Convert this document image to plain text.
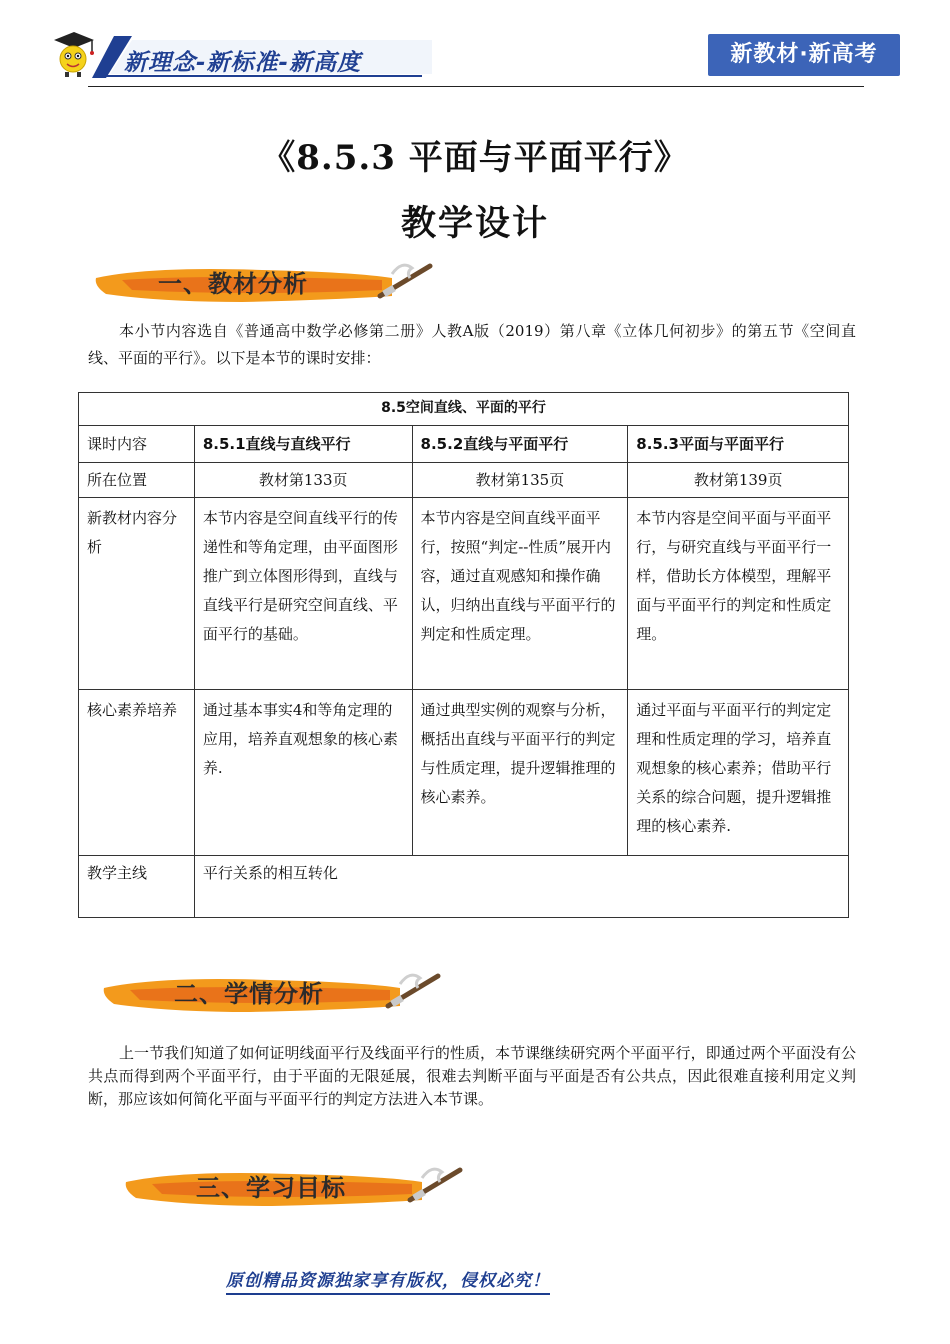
新理念-新标准-新高度	新教材·新高考
《8.5.3 平面与平面平行》
教学设计
一、教材分析
本小节内容选自《普通高中数学必修第二册》人教A版（2019）第八章《立体几何初步》的第五节《空间直线、平面的平行》。以下是本节的课时安排：
8.5空间直线、平面的平行			
课时内容	8.5.1直线与直线平行	8.5.2直线与平面平行	8.5.3平面与平面平行
所在位置	教材第133页	教材第135页	教材第139页
新教材内容分析	本节内容是空间直线平行的传递性和等角定理，由平面图形推广到立体图形得到，直线与直线平行是研究空间直线、平面平行的基础。	本节内容是空间直线平面平行，按照“判定--性质”展开内容，通过直观感知和操作确认，归纳出直线与平面平行的判定和性质定理。	本节内容是空间平面与平面平行，与研究直线与平面平行一样，借助长方体模型，理解平面与平面平行的判定和性质定理。
核心素养培养	通过基本事实4和等角定理的应用，培养直观想象的核心素养.	通过典型实例的观察与分析，概括出直线与平面平行的判定与性质定理，提升逻辑推理的核心素养。	通过平面与平面平行的判定定理和性质定理的学习，培养直观想象的核心素养；借助平行关系的综合问题，提升逻辑推理的核心素养.
教学主线	平行关系的相互转化		
二、学情分析
上一节我们知道了如何证明线面平行及线面平行的性质，本节课继续研究两个平面平行，即通过两个平面没有公共点而得到两个平面平行，由于平面的无限延展，很难去判断平面与平面是否有公共点，因此很难直接利用定义判断，那应该如何简化平面与平面平行的判定方法进入本节课。
三、学习目标
原创精品资源独家享有版权，侵权必究！
